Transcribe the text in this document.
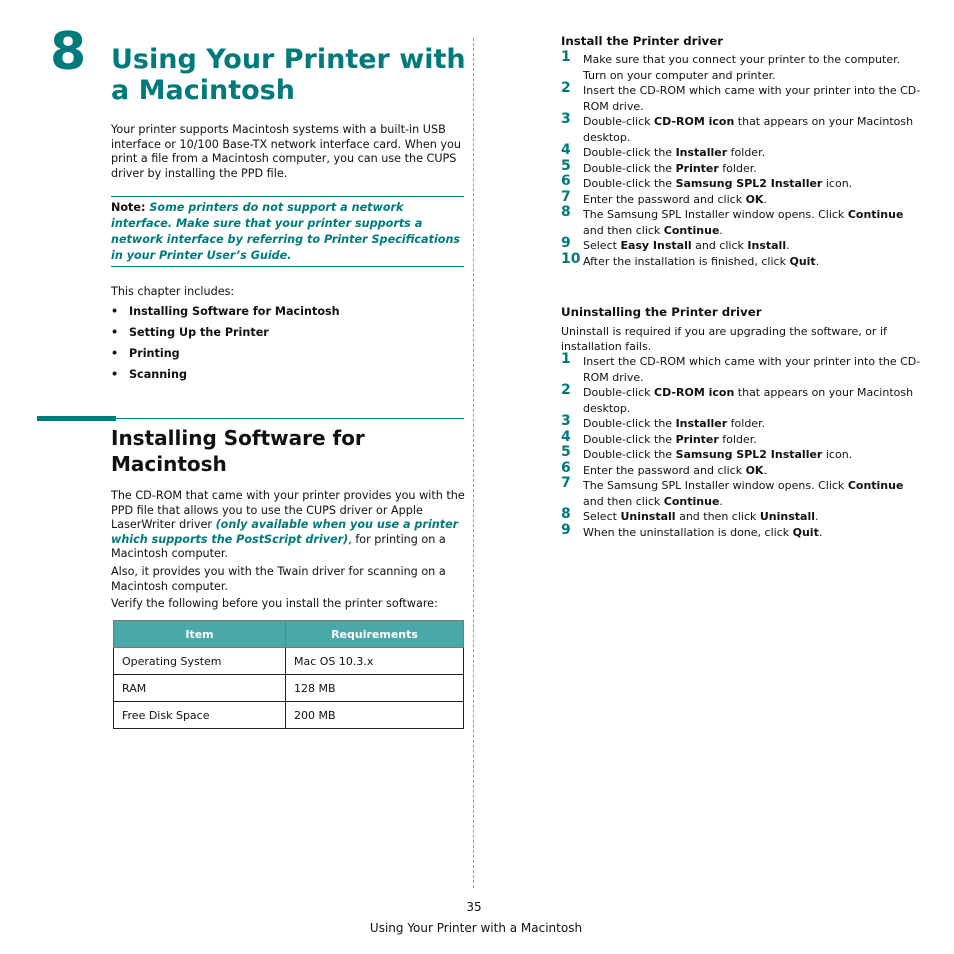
8 Using Your Printer with a Macintosh

Your printer supports Macintosh systems with a built-in USB interface or 10/100 Base-TX network interface card. When you print a file from a Macintosh computer, you can use the CUPS driver by installing the PPD file.

Note: Some printers do not support a network interface. Make sure that your printer supports a network interface by referring to Printer Specifications in your Printer User’s Guide.

This chapter includes:

• Installing Software for Macintosh
• Setting Up the Printer
• Printing
• Scanning
Installing Software for Macintosh

The CD-ROM that came with your printer provides you with the PPD file that allows you to use the CUPS driver or Apple LaserWriter driver (only available when you use a printer which supports the PostScript driver), for printing on a Macintosh computer.

Also, it provides you with the Twain driver for scanning on a Macintosh computer.

Verify the following before you install the printer software:

Item	Requirements
Operating System	Mac OS 10.3.x
RAM	128 MB
Free Disk Space	200 MB
Install the Printer driver
1 Make sure that you connect your printer to the computer. Turn on your computer and printer.
2 Insert the CD-ROM which came with your printer into the CD-ROM drive.
3 Double-click CD-ROM icon that appears on your Macintosh desktop.
4 Double-click the Installer folder.
5 Double-click the Printer folder.
6 Double-click the Samsung SPL2 Installer icon.
7 Enter the password and click OK.
8 The Samsung SPL Installer window opens. Click Continue and then click Continue.
9 Select Easy Install and click Install.
10 After the installation is finished, click Quit.
Uninstalling the Printer driver

Uninstall is required if you are upgrading the software, or if installation fails.

1 Insert the CD-ROM which came with your printer into the CD-ROM drive.
2 Double-click CD-ROM icon that appears on your Macintosh desktop.
3 Double-click the Installer folder.
4 Double-click the Printer folder.
5 Double-click the Samsung SPL2 Installer icon.
6 Enter the password and click OK.
7 The Samsung SPL Installer window opens. Click Continue and then click Continue.
8 Select Uninstall and then click Uninstall.
9 When the uninstallation is done, click Quit.
35
Using Your Printer with a Macintosh
